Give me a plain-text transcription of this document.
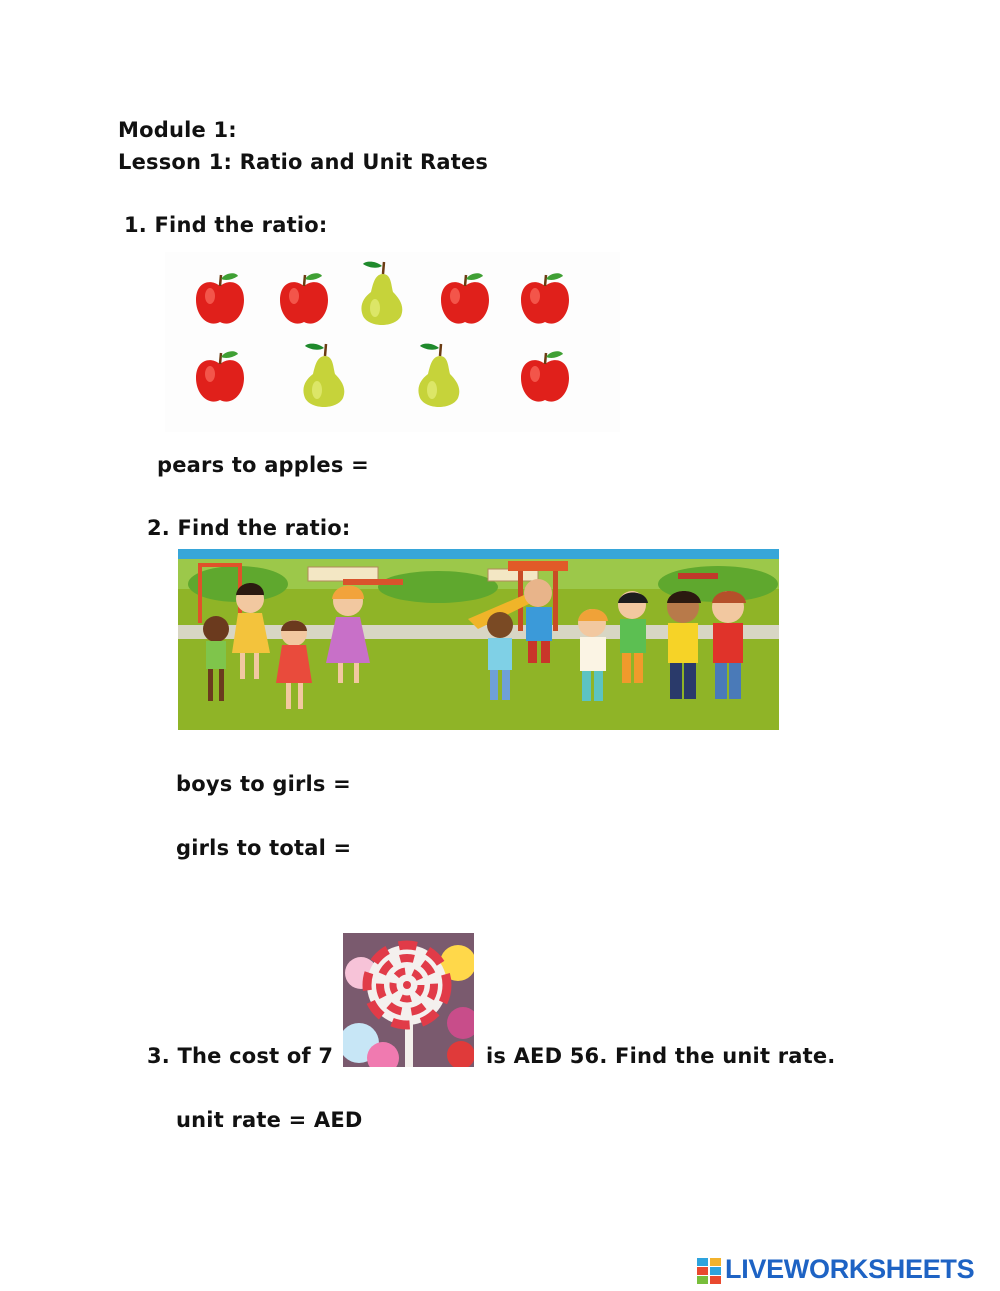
Module 1:
Lesson 1: Ratio and Unit Rates
1. Find the ratio:
pears to apples =
2. Find the ratio:
boys to girls =
girls to total =
3. The cost of 7	is AED 56. Find the unit rate.
unit rate = AED
LIVEWORKSHEETS
